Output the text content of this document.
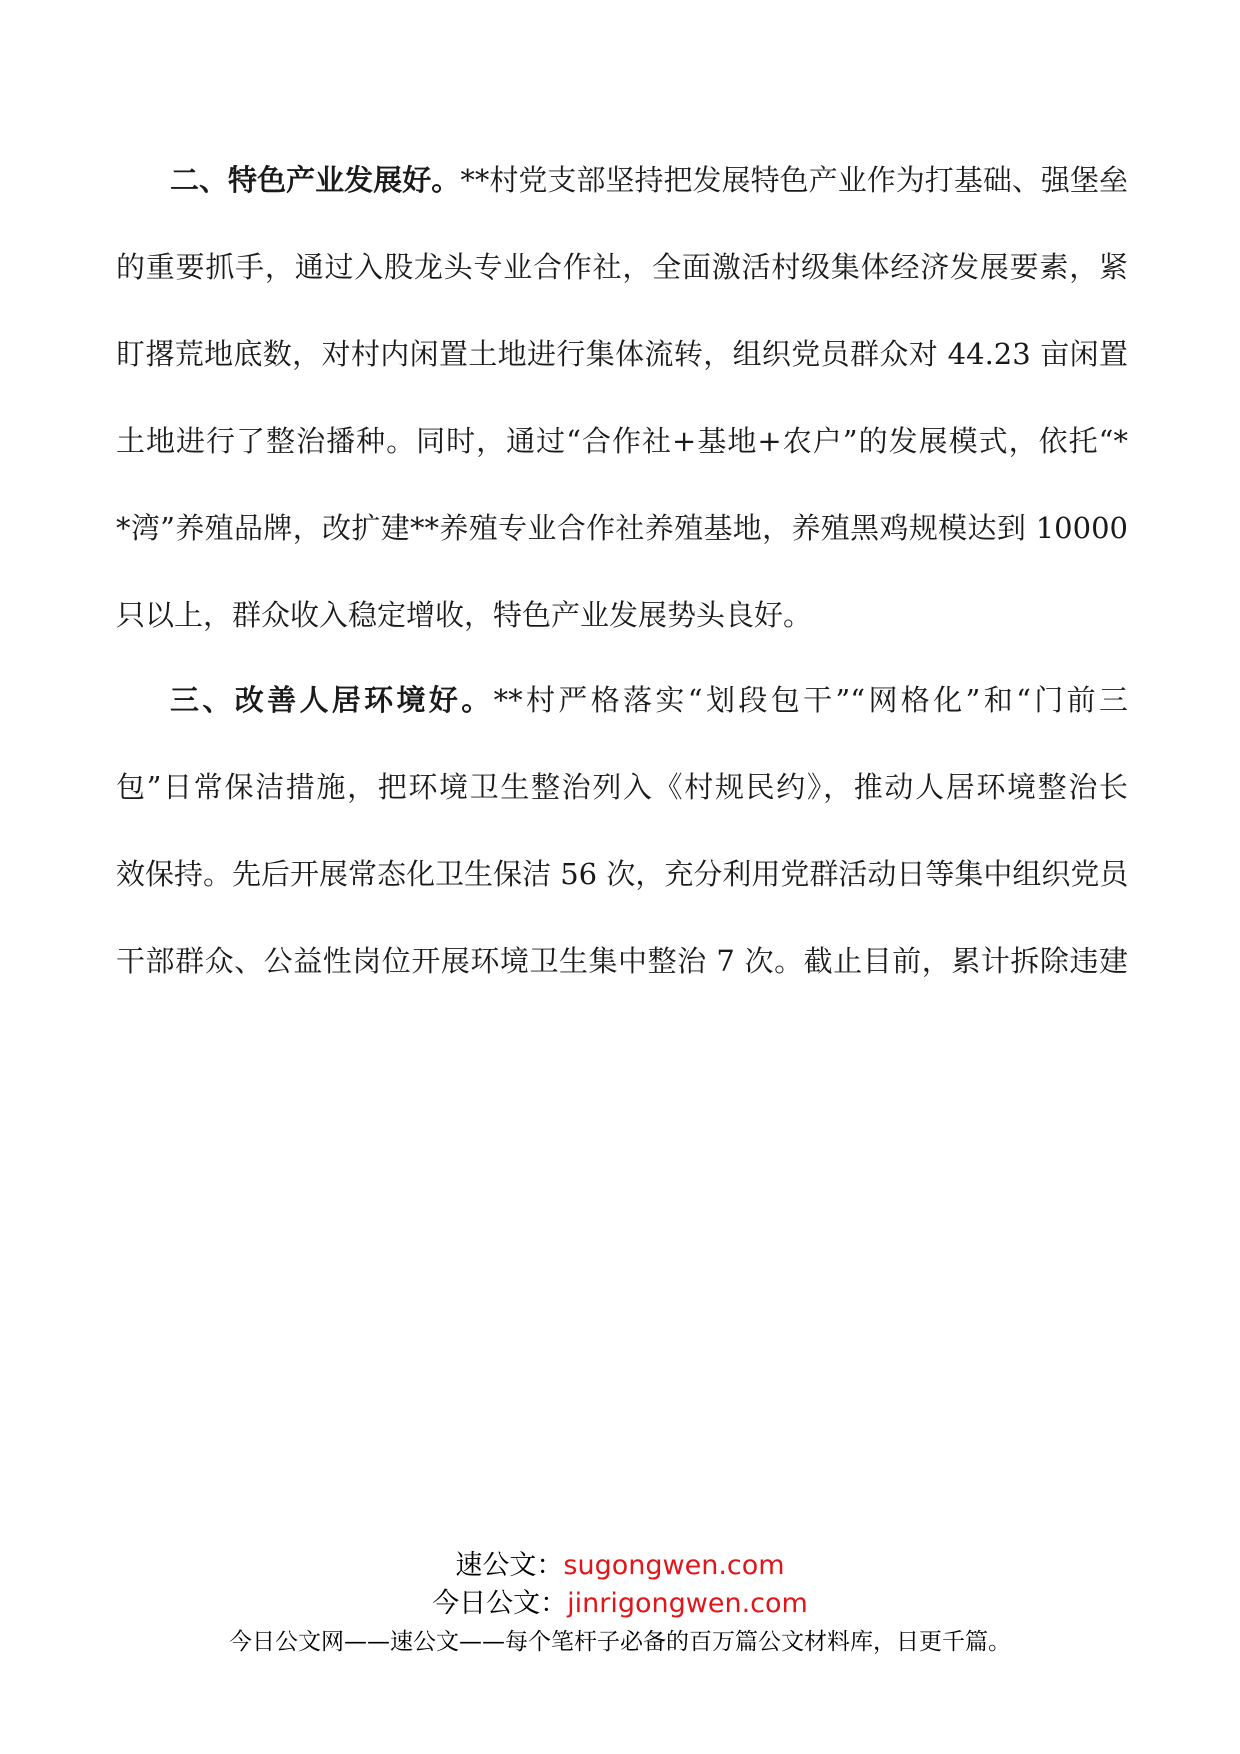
二、特色产业发展好。**村党支部坚持把发展特色产业作为打基础、强堡垒
的重要抓手，通过入股龙头专业合作社，全面激活村级集体经济发展要素，紧
盯撂荒地底数，对村内闲置土地进行集体流转，组织党员群众对 44.23 亩闲置
土地进行了整治播种。同时，通过“合作社+基地+农户”的发展模式，依托“*
*湾”养殖品牌，改扩建**养殖专业合作社养殖基地，养殖黑鸡规模达到 10000
只以上，群众收入稳定增收，特色产业发展势头良好。
三、改善人居环境好。**村严格落实“划段包干”“网格化”和“门前三
包”日常保洁措施，把环境卫生整治列入《村规民约》，推动人居环境整治长
效保持。先后开展常态化卫生保洁 56 次，充分利用党群活动日等集中组织党员
干部群众、公益性岗位开展环境卫生集中整治 7 次。截止目前，累计拆除违建
速公文：sugongwen.com
今日公文：jinrigongwen.com
今日公文网——速公文——每个笔杆子必备的百万篇公文材料库，日更千篇。
